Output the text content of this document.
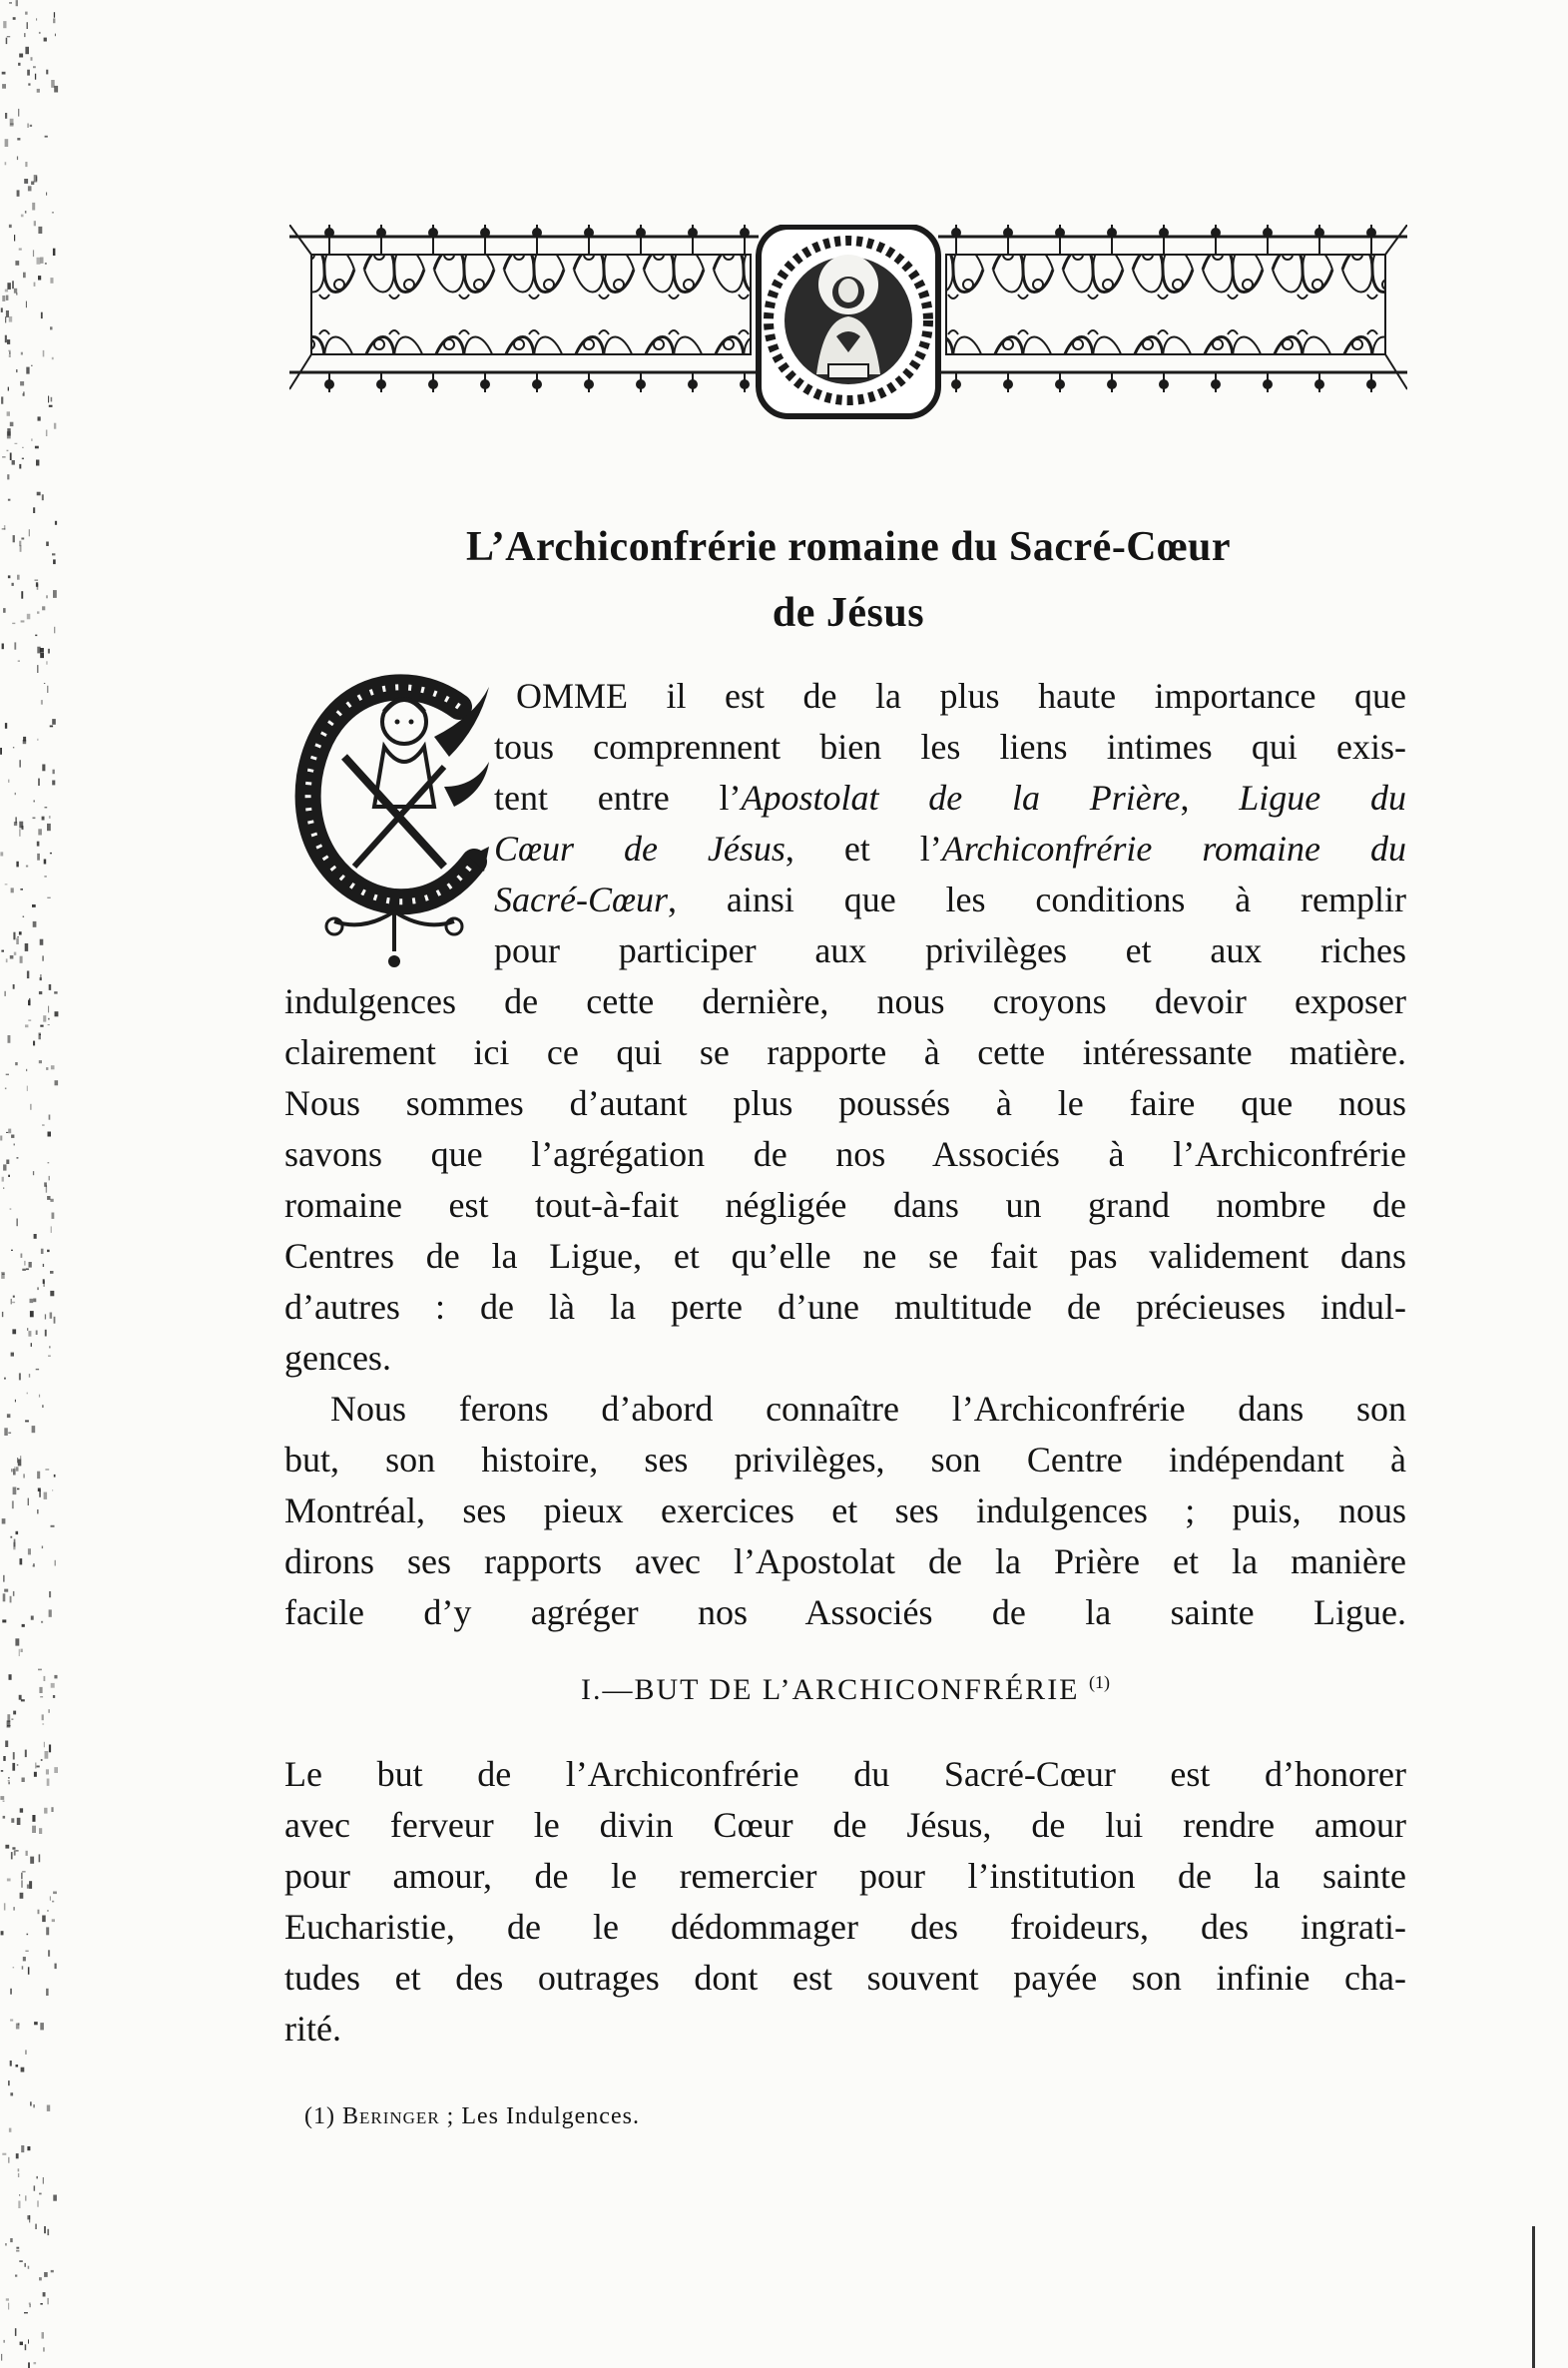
L’Archiconfrérie romaine du Sacré-Cœur
de Jésus
C
OMME il est de la plus haute importance que
tous comprennent bien les liens intimes qui exis-
tent entre l’Apostolat de la Prière, Ligue du
Cœur de Jésus, et l’Archiconfrérie romaine du
Sacré-Cœur, ainsi que les conditions à remplir
pour participer aux privilèges et aux riches
indulgences de cette dernière, nous croyons devoir exposer
clairement ici ce qui se rapporte à cette intéressante matière.
Nous sommes d’autant plus poussés à le faire que nous
savons que l’agrégation de nos Associés à l’Archiconfrérie
romaine est tout-à-fait négligée dans un grand nombre de
Centres de la Ligue, et qu’elle ne se fait pas validement dans
d’autres : de là la perte d’une multitude de précieuses indul-
gences.
Nous ferons d’abord connaître l’Archiconfrérie dans son
but, son histoire, ses privilèges, son Centre indépendant à
Montréal, ses pieux exercices et ses indulgences ; puis, nous
dirons ses rapports avec l’Apostolat de la Prière et la manière
facile d’y agréger nos Associés de la sainte Ligue.
I.—BUT DE L’ARCHICONFRÉRIE $^{(1)}$
Le but de l’Archiconfrérie du Sacré-Cœur est d’honorer
avec ferveur le divin Cœur de Jésus, de lui rendre amour
pour amour, de le remercier pour l’institution de la sainte
Eucharistie, de le dédommager des froideurs, des ingrati-
tudes et des outrages dont est souvent payée son infinie cha-
rité.
(1) Beringer ; Les Indulgences.
